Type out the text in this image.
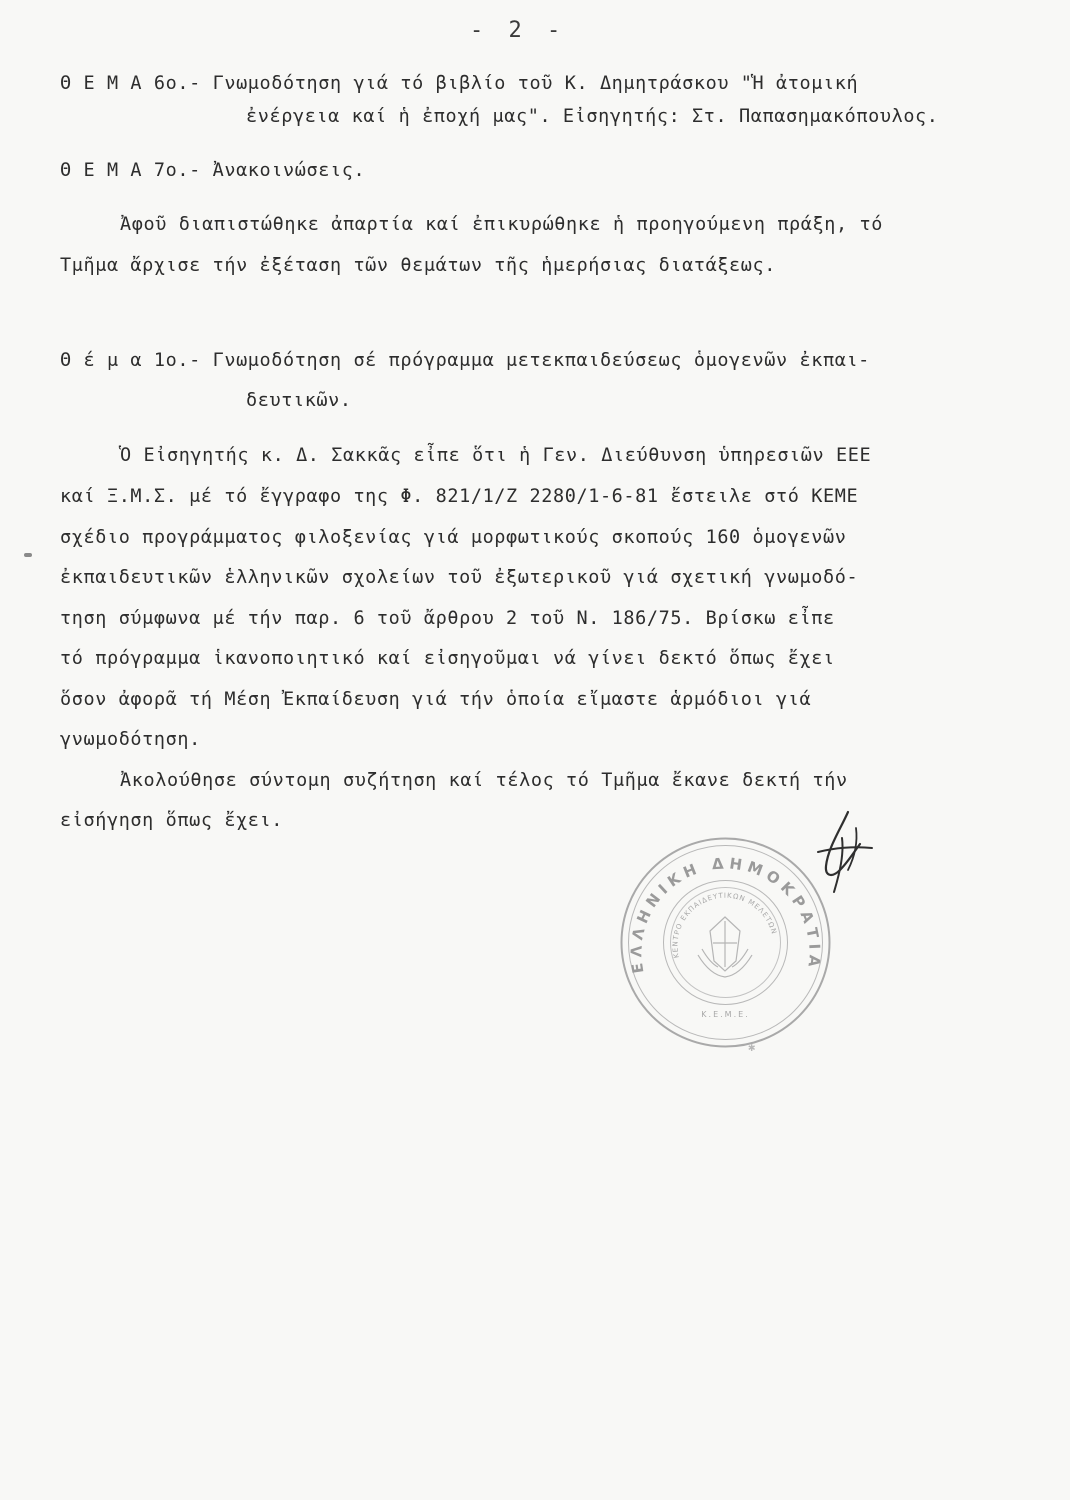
- 2 -
Θ Ε Μ Α 6ο.- Γνωμοδότηση γιά τό βιβλίο τοῦ Κ. Δημητράσκου "Ἡ ἀτομική
ἐνέργεια καί ἡ ἐποχή μας". Εἰσηγητής: Στ. Παπασημακόπουλος.
Θ Ε Μ Α 7ο.- Ἀνακοινώσεις.
Ἀφοῦ διαπιστώθηκε ἀπαρτία καί ἐπικυρώθηκε ἡ προηγούμενη πράξη, τό
Τμῆμα ἄρχισε τήν ἐξέταση τῶν θεμάτων τῆς ἡμερήσιας διατάξεως.
Θ έ μ α 1ο.- Γνωμοδότηση σέ πρόγραμμα μετεκπαιδεύσεως ὁμογενῶν ἐκπαι-
δευτικῶν.
Ὁ Εἰσηγητής κ. Δ. Σακκᾶς εἶπε ὅτι ἡ Γεν. Διεύθυνση ὑπηρεσιῶν ΕΕΕ
καί Ξ.Μ.Σ. μέ τό ἔγγραφο της Φ. 821/1/Ζ 2280/1-6-81 ἔστειλε στό ΚΕΜΕ
σχέδιο προγράμματος φιλοξενίας γιά μορφωτικούς σκοπούς 160 ὁμογενῶν
ἐκπαιδευτικῶν ἑλληνικῶν σχολείων τοῦ ἐξωτερικοῦ γιά σχετική γνωμοδό-
τηση σύμφωνα μέ τήν παρ. 6 τοῦ ἄρθρου 2 τοῦ Ν. 186/75. Βρίσκω εἶπε
τό πρόγραμμα ἱκανοποιητικό καί εἰσηγοῦμαι νά γίνει δεκτό ὅπως ἔχει
ὅσον ἀφορᾶ τή Μέση Ἐκπαίδευση γιά τήν ὁποία εἴμαστε ἁρμόδιοι γιά
γνωμοδότηση.
Ἀκολούθησε σύντομη συζήτηση καί τέλος τό Τμῆμα ἔκανε δεκτή τήν
εἰσήγηση ὅπως ἔχει.
ΕΛΛΗΝΙΚΗ ΔΗΜΟΚΡΑΤΙΑ
ΚΕΝΤΡΟ ΕΚΠΑΙΔΕΥΤΙΚΩΝ ΜΕΛΕΤΩΝ
Κ.Ε.Μ.Ε.
✱
